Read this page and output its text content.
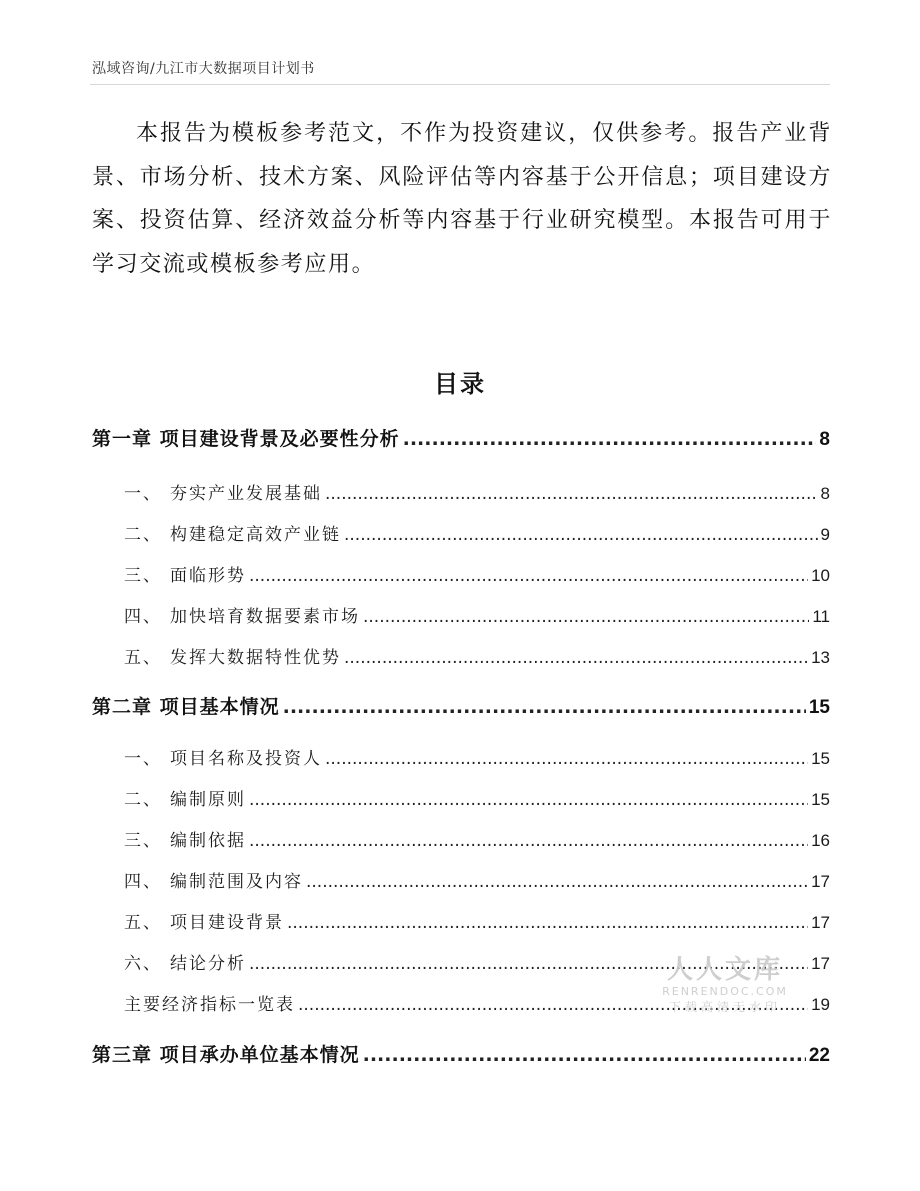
泓域咨询/九江市大数据项目计划书

本报告为模板参考范文，不作为投资建议，仅供参考。报告产业背景、市场分析、技术方案、风险评估等内容基于公开信息；项目建设方案、投资估算、经济效益分析等内容基于行业研究模型。本报告可用于学习交流或模板参考应用。

目录
第一章 项目建设背景及必要性分析 .....	8
一、 夯实产业发展基础 .....	8
二、 构建稳定高效产业链 .....	9
三、 面临形势 .....	10
四、 加快培育数据要素市场 .....	11
五、 发挥大数据特性优势 .....	13
第二章 项目基本情况 .....	15
一、 项目名称及投资人 .....	15
二、 编制原则 .....	15
三、 编制依据 .....	16
四、 编制范围及内容 .....	17
五、 项目建设背景 .....	17
六、 结论分析 .....	17
主要经济指标一览表 .....	19
第三章 项目承办单位基本情况 .....	22
人人文库
RENRENDOC.COM
下载高清无水印
